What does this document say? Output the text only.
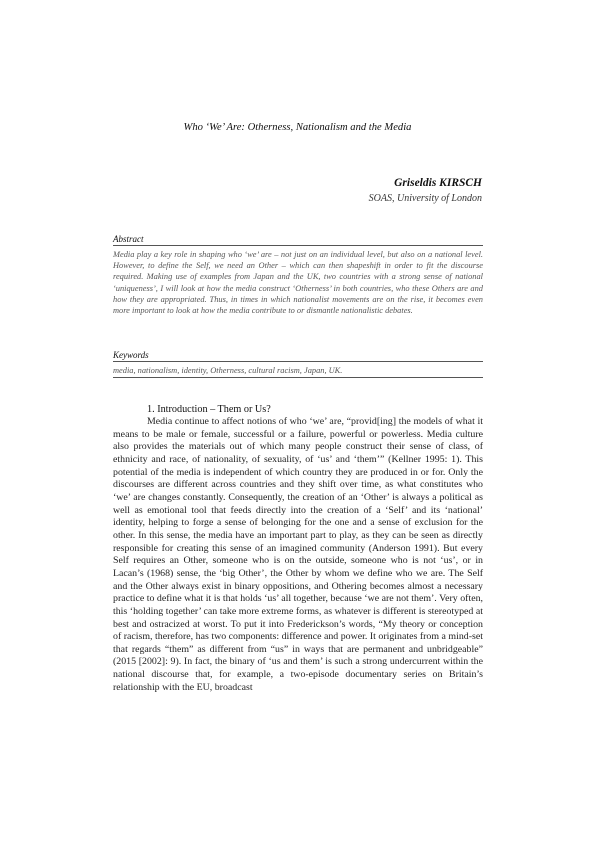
Who ‘We’ Are: Otherness, Nationalism and the Media
Griseldis KIRSCH
SOAS, University of London
Abstract
Media play a key role in shaping who ‘we’ are – not just on an individual level, but also on a national level. However, to define the Self, we need an Other – which can then shapeshift in order to fit the discourse required. Making use of examples from Japan and the UK, two countries with a strong sense of national ‘uniqueness’, I will look at how the media construct ‘Otherness’ in both countries, who these Others are and how they are appropriated. Thus, in times in which nationalist movements are on the rise, it becomes even more important to look at how the media contribute to or dismantle nationalistic debates.
Keywords
media, nationalism, identity, Otherness, cultural racism, Japan, UK.
1. Introduction – Them or Us?
Media continue to affect notions of who ‘we’ are, “provid[ing] the models of what it means to be male or female, successful or a failure, powerful or powerless. Media culture also provides the materials out of which many people construct their sense of class, of ethnicity and race, of nationality, of sexuality, of ‘us’ and ‘them’” (Kellner 1995: 1). This potential of the media is independent of which country they are produced in or for. Only the discourses are different across countries and they shift over time, as what constitutes who ‘we’ are changes constantly. Consequently, the creation of an ‘Other’ is always a political as well as emotional tool that feeds directly into the creation of a ‘Self’ and its ‘national’ identity, helping to forge a sense of belonging for the one and a sense of exclusion for the other. In this sense, the media have an important part to play, as they can be seen as directly responsible for creating this sense of an imagined community (Anderson 1991). But every Self requires an Other, someone who is on the outside, someone who is not ‘us’, or in Lacan’s (1968) sense, the ‘big Other’, the Other by whom we define who we are. The Self and the Other always exist in binary oppositions, and Othering becomes almost a necessary practice to define what it is that holds ‘us’ all together, because ‘we are not them’. Very often, this ‘holding together’ can take more extreme forms, as whatever is different is stereotyped at best and ostracized at worst. To put it into Frederickson’s words, “My theory or conception of racism, therefore, has two components: difference and power. It originates from a mind-set that regards “them” as different from “us” in ways that are permanent and unbridgeable” (2015 [2002]: 9). In fact, the binary of ‘us and them’ is such a strong undercurrent within the national discourse that, for example, a two-episode documentary series on Britain’s relationship with the EU, broadcast
